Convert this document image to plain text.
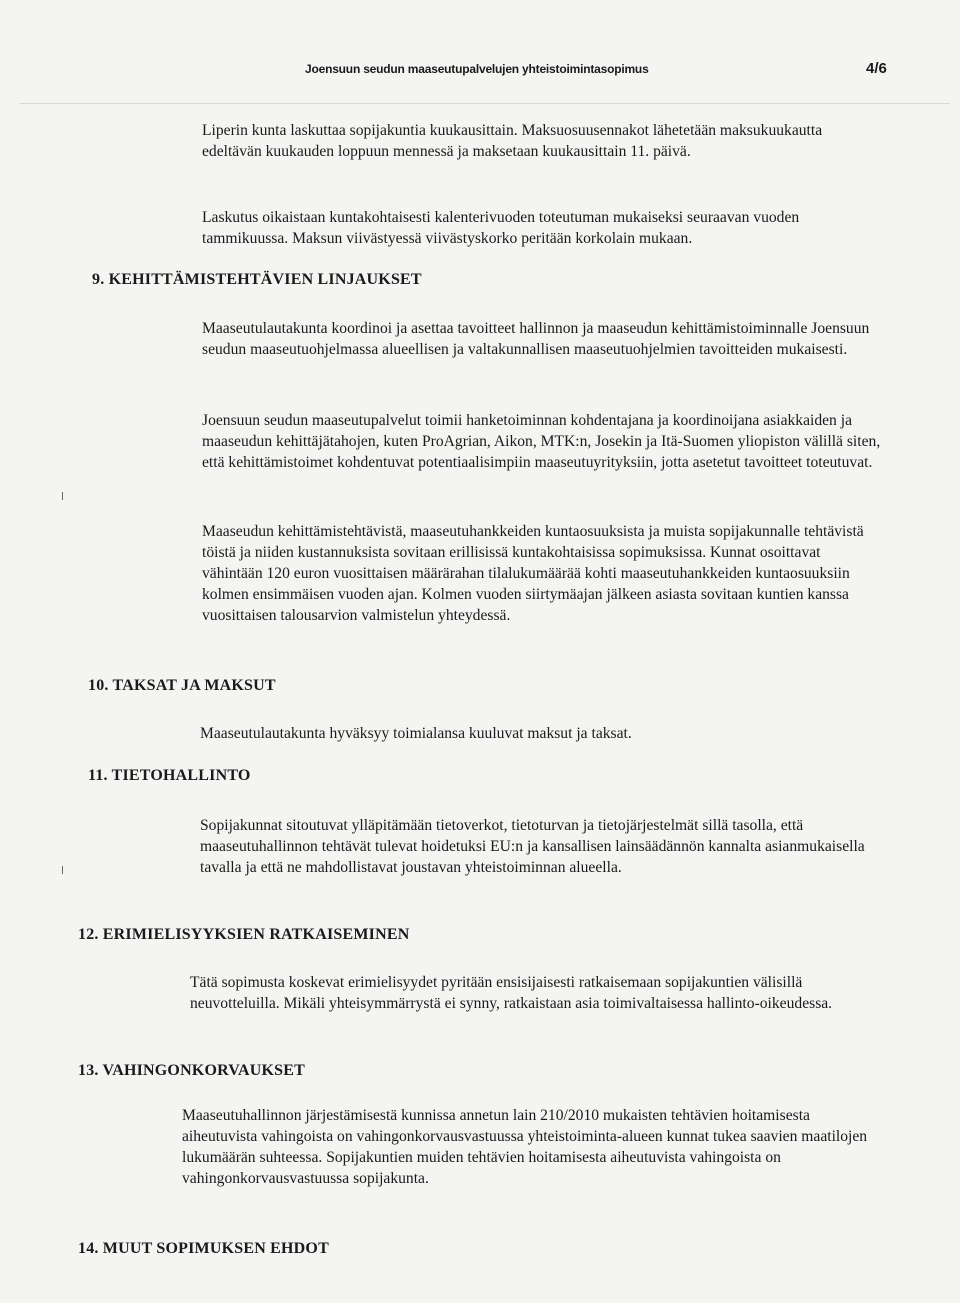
Joensuun seudun maaseutupalvelujen yhteistoimintasopimus	4/6

Liperin kunta laskuttaa sopijakuntia kuukausittain. Maksuosuusennakot lähetetään maksukuukautta edeltävän kuukauden loppuun mennessä ja maksetaan kuukausittain 11. päivä.

Laskutus oikaistaan kuntakohtaisesti kalenterivuoden toteutuman mukaiseksi seuraavan vuoden tammikuussa. Maksun viivästyessä viivästyskorko peritään korkolain mukaan.

9. KEHITTÄMISTEHTÄVIEN LINJAUKSET

Maaseutulautakunta koordinoi ja asettaa tavoitteet hallinnon ja maaseudun kehittämistoiminnalle Joensuun seudun maaseutuohjelmassa alueellisen ja valtakunnallisen maaseutuohjelmien tavoitteiden mukaisesti.

Joensuun seudun maaseutupalvelut toimii hanketoiminnan kohdentajana ja koordinoijana asiakkaiden ja maaseudun kehittäjätahojen, kuten ProAgrian, Aikon, MTK:n, Josekin ja Itä-Suomen yliopiston välillä siten, että kehittämistoimet kohdentuvat potentiaalisimpiin maaseutuyrityksiin, jotta asetetut tavoitteet toteutuvat.

Maaseudun kehittämistehtävistä, maaseutuhankkeiden kuntaosuuksista ja muista sopijakunnalle tehtävistä töistä ja niiden kustannuksista sovitaan erillisissä kuntakohtaisissa sopimuksissa. Kunnat osoittavat vähintään 120 euron vuosittaisen määrärahan tilalukumäärää kohti maaseutuhankkeiden kuntaosuuksiin kolmen ensimmäisen vuoden ajan. Kolmen vuoden siirtymäajan jälkeen asiasta sovitaan kuntien kanssa vuosittaisen talousarvion valmistelun yhteydessä.

10. TAKSAT JA MAKSUT

Maaseutulautakunta hyväksyy toimialansa kuuluvat maksut ja taksat.

11. TIETOHALLINTO

Sopijakunnat sitoutuvat ylläpitämään tietoverkot, tietoturvan ja tietojärjestelmät sillä tasolla, että maaseutuhallinnon tehtävät tulevat hoidetuksi EU:n ja kansallisen lainsäädännön kannalta asianmukaisella tavalla ja että ne mahdollistavat joustavan yhteistoiminnan alueella.

12. ERIMIELISYYKSIEN RATKAISEMINEN

Tätä sopimusta koskevat erimielisyydet pyritään ensisijaisesti ratkaisemaan sopijakuntien välisillä neuvotteluilla. Mikäli yhteisymmärrystä ei synny, ratkaistaan asia toimivaltaisessa hallinto-oikeudessa.

13. VAHINGONKORVAUKSET

Maaseutuhallinnon järjestämisestä kunnissa annetun lain 210/2010 mukaisten tehtävien hoitamisesta aiheutuvista vahingoista on vahingonkorvausvastuussa yhteistoiminta-alueen kunnat tukea saavien maatilojen lukumäärän suhteessa. Sopijakuntien muiden tehtävien hoitamisesta aiheutuvista vahingoista on vahingonkorvausvastuussa sopijakunta.

14. MUUT SOPIMUKSEN EHDOT
